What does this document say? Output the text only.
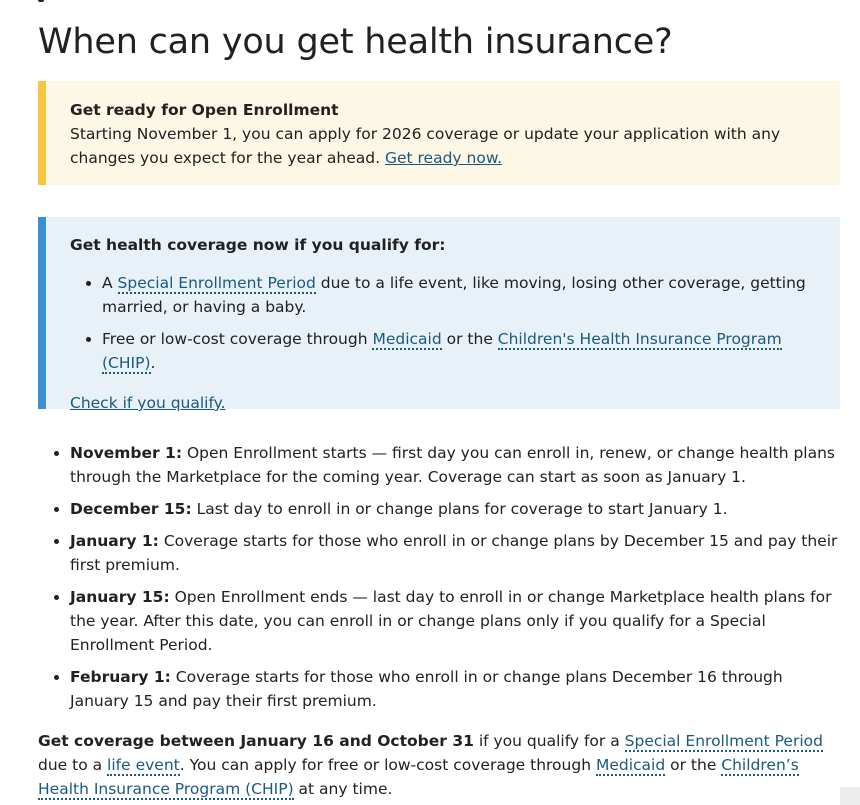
When can you get health insurance?

Get ready for Open Enrollment

Starting November 1, you can apply for 2026 coverage or update your application with any changes you expect for the year ahead. Get ready now.

Get health coverage now if you qualify for:

• A Special Enrollment Period due to a life event, like moving, losing other coverage, getting married, or having a baby.
• Free or low-cost coverage through Medicaid or the Children's Health Insurance Program (CHIP).
Check if you qualify.
• November 1: Open Enrollment starts — first day you can enroll in, renew, or change health plans through the Marketplace for the coming year. Coverage can start as soon as January 1.
• December 15: Last day to enroll in or change plans for coverage to start January 1.
• January 1: Coverage starts for those who enroll in or change plans by December 15 and pay their first premium.
• January 15: Open Enrollment ends — last day to enroll in or change Marketplace health plans for the year. After this date, you can enroll in or change plans only if you qualify for a Special Enrollment Period.
• February 1: Coverage starts for those who enroll in or change plans December 16 through January 15 and pay their first premium.

Get coverage between January 16 and October 31 if you qualify for a Special Enrollment Period due to a life event. You can apply for free or low-cost coverage through Medicaid or the Children’s Health Insurance Program (CHIP) at any time.
